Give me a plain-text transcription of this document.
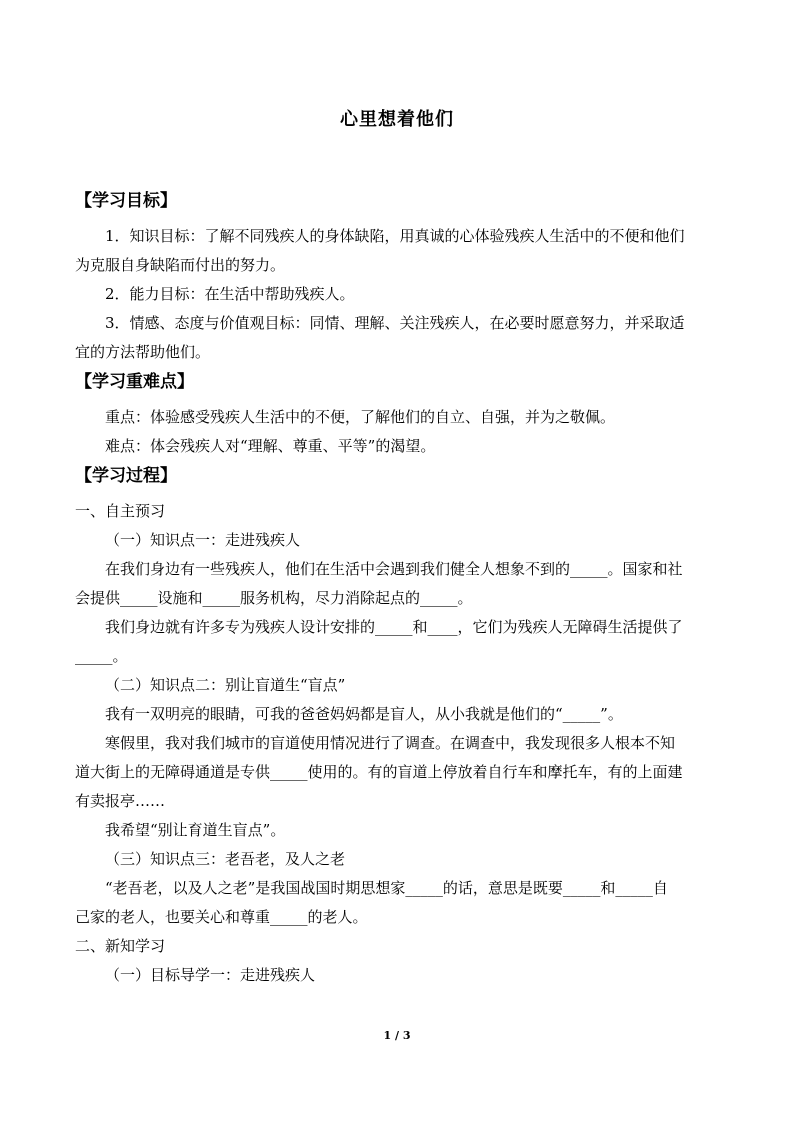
心里想着他们
【学习目标】

1．知识目标：了解不同残疾人的身体缺陷，用真诚的心体验残疾人生活中的不便和他们

为克服自身缺陷而付出的努力。

2．能力目标：在生活中帮助残疾人。

3．情感、态度与价值观目标：同情、理解、关注残疾人，在必要时愿意努力，并采取适

宜的方法帮助他们。

【学习重难点】

重点：体验感受残疾人生活中的不便，了解他们的自立、自强，并为之敬佩。

难点：体会残疾人对“理解、尊重、平等”的渴望。

【学习过程】

一、自主预习

（一）知识点一：走进残疾人

在我们身边有一些残疾人，他们在生活中会遇到我们健全人想象不到的_____。国家和社

会提供_____设施和_____服务机构，尽力消除起点的_____。

我们身边就有许多专为残疾人设计安排的_____和____，它们为残疾人无障碍生活提供了

_____。

（二）知识点二：别让盲道生“盲点”

我有一双明亮的眼睛，可我的爸爸妈妈都是盲人，从小我就是他们的“_____”。

寒假里，我对我们城市的盲道使用情况进行了调查。在调查中，我发现很多人根本不知

道大街上的无障碍通道是专供_____使用的。有的盲道上停放着自行车和摩托车，有的上面建

有卖报亭……

我希望“别让育道生盲点”。

（三）知识点三：老吾老，及人之老

“老吾老，以及人之老”是我国战国时期思想家_____的话，意思是既要_____和_____自

己家的老人，也要关心和尊重_____的老人。

二、新知学习

（一）目标导学一：走进残疾人

1 / 3
